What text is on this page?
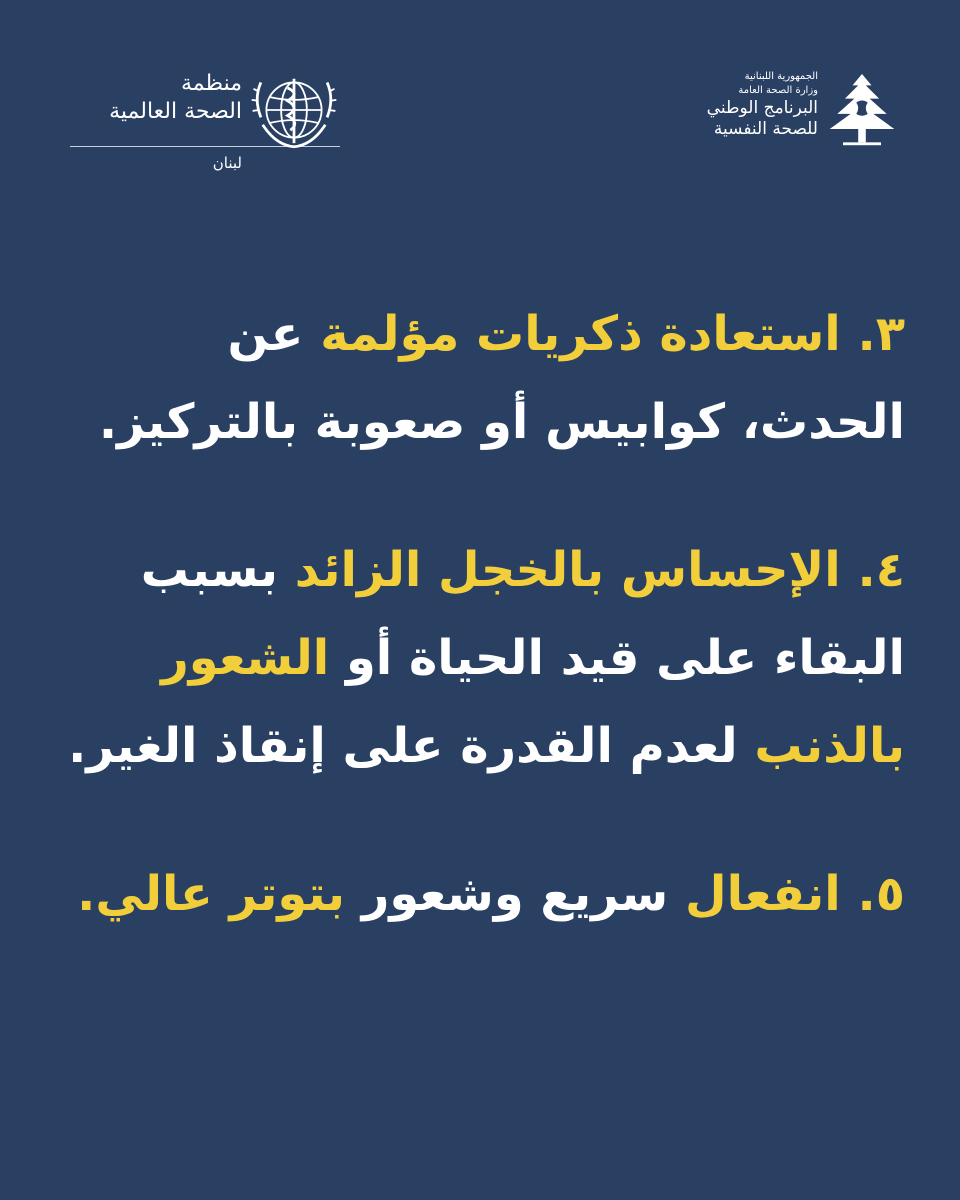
منظمة
الصحة العالمية
لبنان
الجمهورية اللبنانية
وزارة الصحة العامة
البرنامج الوطني
للصحة النفسية
٣. استعادة ذكريات مؤلمة عن
الحدث، كوابيس أو صعوبة بالتركيز.
٤. الإحساس بالخجل الزائد بسبب
البقاء على قيد الحياة أو الشعور
بالذنب لعدم القدرة على إنقاذ الغير.
٥. انفعال سريع وشعور بتوتر عالي.
